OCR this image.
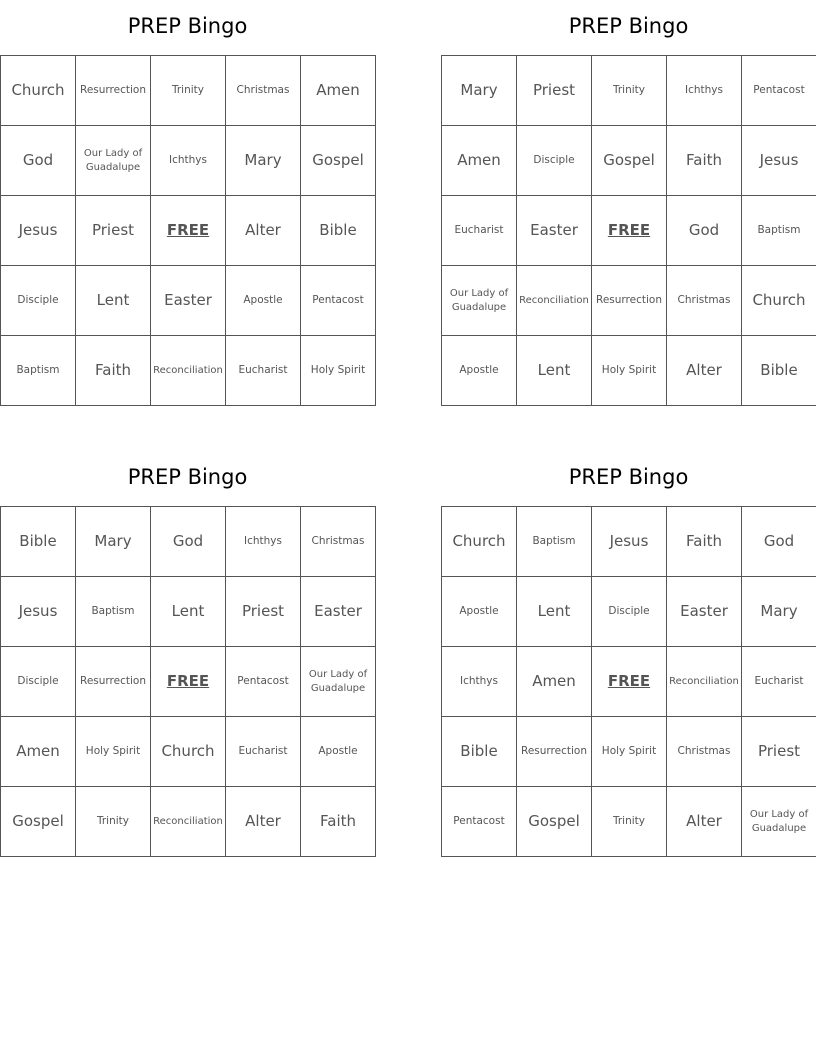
PREP Bingo
Church	Resurrection	Trinity	Christmas	Amen
God	Our Lady of Guadalupe	Ichthys	Mary	Gospel
Jesus	Priest	FREE	Alter	Bible
Disciple	Lent	Easter	Apostle	Pentacost
Baptism	Faith	Reconciliation	Eucharist	Holy Spirit
PREP Bingo
Mary	Priest	Trinity	Ichthys	Pentacost
Amen	Disciple	Gospel	Faith	Jesus
Eucharist	Easter	FREE	God	Baptism
Our Lady of Guadalupe	Reconciliation	Resurrection	Christmas	Church
Apostle	Lent	Holy Spirit	Alter	Bible
PREP Bingo
Bible	Mary	God	Ichthys	Christmas
Jesus	Baptism	Lent	Priest	Easter
Disciple	Resurrection	FREE	Pentacost	Our Lady of Guadalupe
Amen	Holy Spirit	Church	Eucharist	Apostle
Gospel	Trinity	Reconciliation	Alter	Faith
PREP Bingo
Church	Baptism	Jesus	Faith	God
Apostle	Lent	Disciple	Easter	Mary
Ichthys	Amen	FREE	Reconciliation	Eucharist
Bible	Resurrection	Holy Spirit	Christmas	Priest
Pentacost	Gospel	Trinity	Alter	Our Lady of Guadalupe
